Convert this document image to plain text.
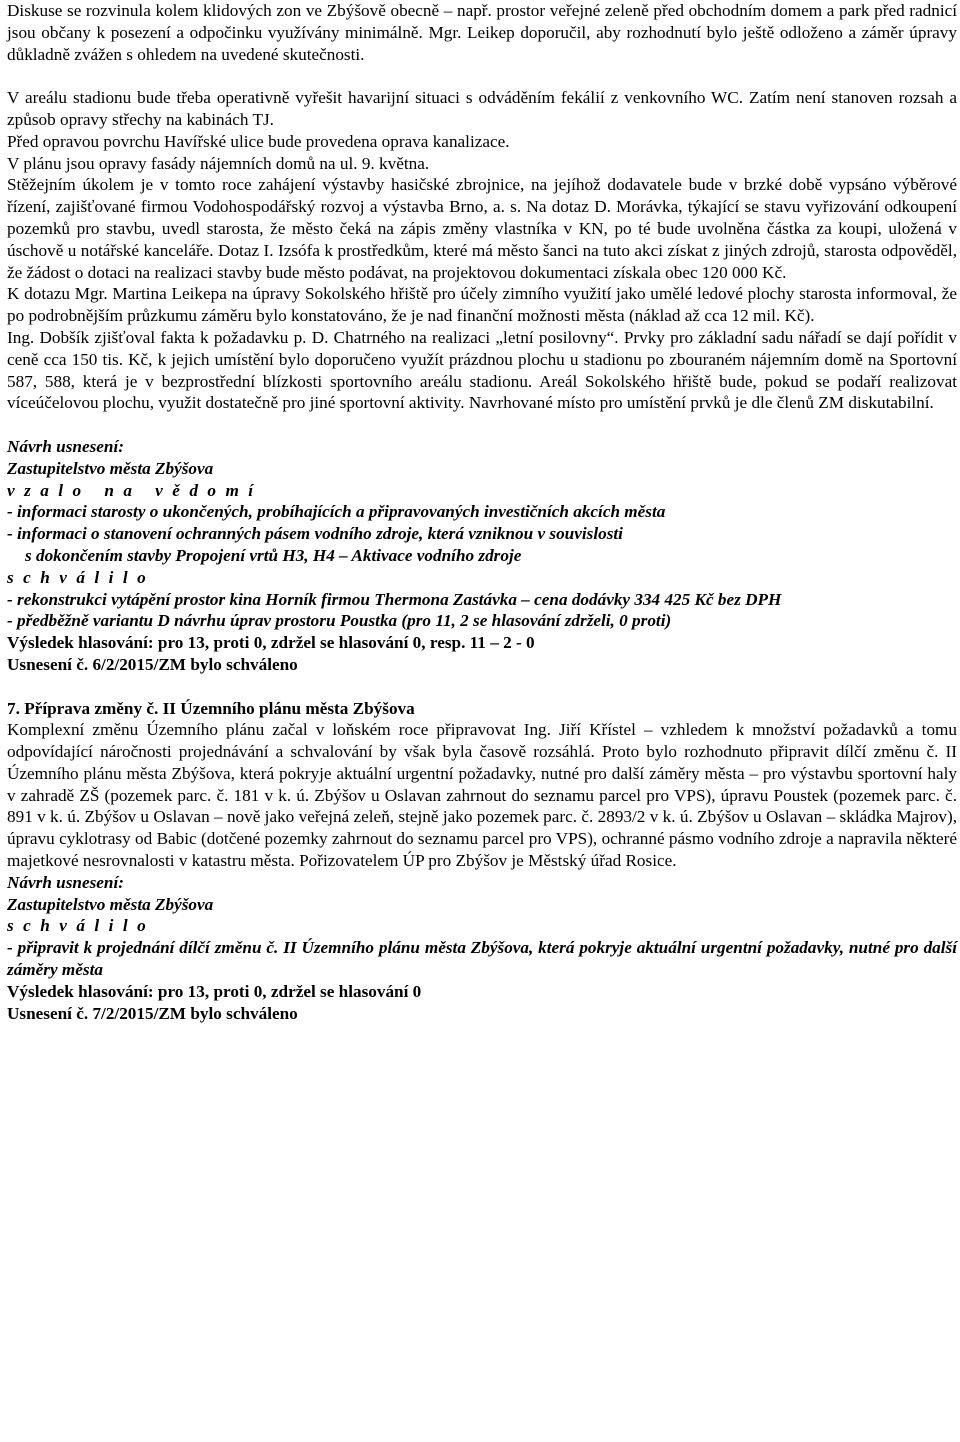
Diskuse se rozvinula kolem klidových zon ve Zbýšově obecně – např. prostor veřejné zeleně před obchodním domem a park před radnicí jsou občany k posezení a odpočinku využívány minimálně. Mgr. Leikep doporučil, aby rozhodnutí bylo ještě odloženo a záměr úpravy důkladně zvážen s ohledem na uvedené skutečnosti.

V areálu stadionu bude třeba operativně vyřešit havarijní situaci s odváděním fekálií z venkovního WC. Zatím není stanoven rozsah a způsob opravy střechy na kabinách TJ.

Před opravou povrchu Havířské ulice bude provedena oprava kanalizace.

V plánu jsou opravy fasády nájemních domů na ul. 9. května.

Stěžejním úkolem je v tomto roce zahájení výstavby hasičské zbrojnice, na jejíhož dodavatele bude v brzké době vypsáno výběrové řízení, zajišťované firmou Vodohospodářský rozvoj a výstavba Brno, a. s. Na dotaz D. Morávka, týkající se stavu vyřizování odkoupení pozemků pro stavbu, uvedl starosta, že město čeká na zápis změny vlastníka v KN, po té bude uvolněna částka za koupi, uložená v úschově u notářské kanceláře. Dotaz I. Izsófa k prostředkům, které má město šanci na tuto akci získat z jiných zdrojů, starosta odpověděl, že žádost o dotaci na realizaci stavby bude město podávat, na projektovou dokumentaci získala obec 120 000 Kč.

K dotazu Mgr. Martina Leikepa na úpravy Sokolského hřiště pro účely zimního využití jako umělé ledové plochy starosta informoval, že po podrobnějším průzkumu záměru bylo konstatováno, že je nad finanční možnosti města (náklad až cca 12 mil. Kč).

Ing. Dobšík zjišťoval fakta k požadavku p. D. Chatrného na realizaci „letní posilovny“. Prvky pro základní sadu nářadí se dají pořídit v ceně cca 150 tis. Kč, k jejich umístění bylo doporučeno využít prázdnou plochu u stadionu po zbouraném nájemním domě na Sportovní 587, 588, která je v bezprostřední blízkosti sportovního areálu stadionu. Areál Sokolského hřiště bude, pokud se podaří realizovat víceúčelovou plochu, využit dostatečně pro jiné sportovní aktivity. Navrhované místo pro umístění prvků je dle členů ZM diskutabilní.

Návrh usnesení:

Zastupitelstvo města Zbýšova

vzalo na vědomí

- informaci starosty o ukončených, probíhajících a připravovaných investičních akcích města

- informaci o stanovení ochranných pásem vodního zdroje, která vzniknou v souvislosti

s dokončením stavby Propojení vrtů H3, H4 – Aktivace vodního zdroje

schválilo

- rekonstrukci vytápění prostor kina Horník firmou Thermona Zastávka – cena dodávky 334 425 Kč bez DPH

- předběžně variantu D návrhu úprav prostoru Poustka (pro 11, 2 se hlasování zdrželi, 0 proti)

Výsledek hlasování: pro 13, proti 0, zdržel se hlasování 0, resp. 11 – 2 - 0

Usnesení č. 6/2/2015/ZM bylo schváleno

7. Příprava změny č. II Územního plánu města Zbýšova

Komplexní změnu Územního plánu začal v loňském roce připravovat Ing. Jiří Křístel – vzhledem k množství požadavků a tomu odpovídající náročnosti projednávání a schvalování by však byla časově rozsáhlá. Proto bylo rozhodnuto připravit dílčí změnu č. II Územního plánu města Zbýšova, která pokryje aktuální urgentní požadavky, nutné pro další záměry města – pro výstavbu sportovní haly v zahradě ZŠ (pozemek parc. č. 181 v k. ú. Zbýšov u Oslavan zahrnout do seznamu parcel pro VPS), úpravu Poustek (pozemek parc. č. 891 v k. ú. Zbýšov u Oslavan – nově jako veřejná zeleň, stejně jako pozemek parc. č. 2893/2 v k. ú. Zbýšov u Oslavan – skládka Majrov), úpravu cyklotrasy od Babic (dotčené pozemky zahrnout do seznamu parcel pro VPS), ochranné pásmo vodního zdroje a napravila některé majetkové nesrovnalosti v katastru města. Pořizovatelem ÚP pro Zbýšov je Městský úřad Rosice.

Návrh usnesení:

Zastupitelstvo města Zbýšova

schválilo

- připravit k projednání dílčí změnu č. II Územního plánu města Zbýšova, která pokryje aktuální urgentní požadavky, nutné pro další záměry města

Výsledek hlasování: pro 13, proti 0, zdržel se hlasování 0

Usnesení č. 7/2/2015/ZM bylo schváleno
